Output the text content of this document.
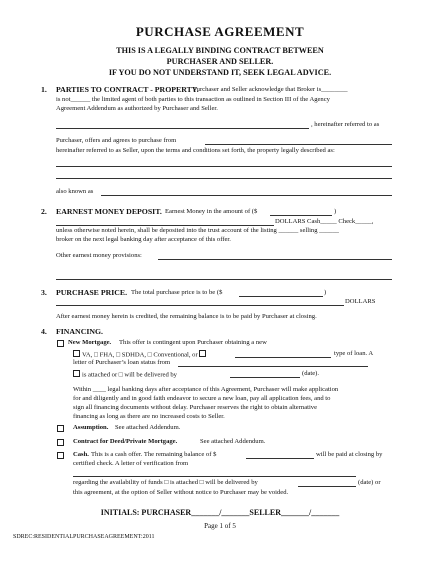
PURCHASE AGREEMENT
THIS IS A LEGALLY BINDING CONTRACT BETWEEN
PURCHASER AND SELLER.
IF YOU DO NOT UNDERSTAND IT, SEEK LEGAL ADVICE.
1. PARTIES TO CONTRACT - PROPERTY.
Purchaser and Seller acknowledge that Broker is________
is not______ the limited agent of both parties to this transaction as outlined in Section III of the Agency
Agreement Addendum as authorized by Purchaser and Seller.
, hereinafter referred to as
Purchaser, offers and agrees to purchase from
hereinafter referred to as Seller, upon the terms and conditions set forth, the property legally described as:
also known as
2. EARNEST MONEY DEPOSIT. Earnest Money in the amount of ($	)
DOLLARS Cash_____ Check_____,
unless otherwise noted herein, shall be deposited into the trust account of the listing ______ selling ______
broker on the next legal banking day after acceptance of this offer.
Other earnest money provisions:
3. PURCHASE PRICE. The total purchase price is to be ($	)
DOLLARS
After earnest money herein is credited, the remaining balance is to be paid by Purchaser at closing.
4. FINANCING.
New Mortgage. This offer is contingent upon Purchaser obtaining a new
VA, □ FHA, □ SDHDA, □ Conventional, or	type of loan. A
letter of Purchaser’s loan status from
is attached or □ will be delivered by	(date).
Within ____ legal banking days after acceptance of this Agreement, Purchaser will make application
for and diligently and in good faith endeavor to secure a new loan, pay all application fees, and to
sign all financing documents without delay. Purchaser reserves the right to obtain alternative
financing as long as there are no increased costs to Seller.
Assumption. See attached Addendum.
Contract for Deed/Private Mortgage.	See attached Addendum.
Cash. This is a cash offer. The remaining balance of $	will be paid at closing by
certified check. A letter of verification from
regarding the availability of funds □ is attached □ will be delivered by	(date) or
this agreement, at the option of Seller without notice to Purchaser may be voided.
INITIALS: PURCHASER_______/_______SELLER_______/_______
Page 1 of 5
SDREC:RESIDENTIALPURCHASEAGREEMENT:2011
